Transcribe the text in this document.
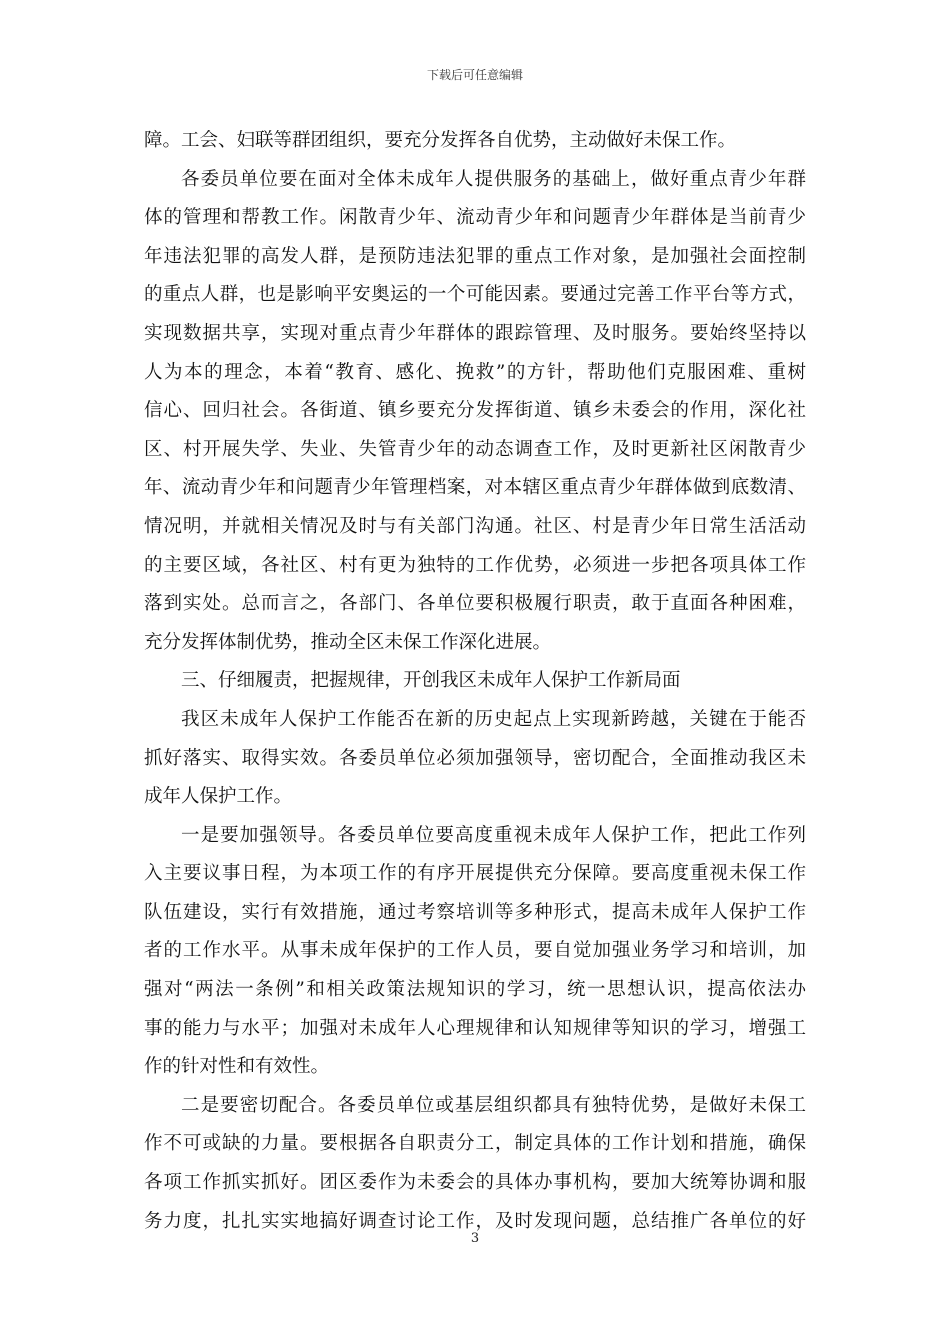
下载后可任意编辑
障。工会、妇联等群团组织，要充分发挥各自优势，主动做好未保工作。
各委员单位要在面对全体未成年人提供服务的基础上，做好重点青少年群
体的管理和帮教工作。闲散青少年、流动青少年和问题青少年群体是当前青少
年违法犯罪的高发人群，是预防违法犯罪的重点工作对象，是加强社会面控制
的重点人群，也是影响平安奥运的一个可能因素。要通过完善工作平台等方式，
实现数据共享，实现对重点青少年群体的跟踪管理、及时服务。要始终坚持以
人为本的理念，本着“教育、感化、挽救”的方针，帮助他们克服困难、重树
信心、回归社会。各街道、镇乡要充分发挥街道、镇乡未委会的作用，深化社
区、村开展失学、失业、失管青少年的动态调查工作，及时更新社区闲散青少
年、流动青少年和问题青少年管理档案，对本辖区重点青少年群体做到底数清、
情况明，并就相关情况及时与有关部门沟通。社区、村是青少年日常生活活动
的主要区域，各社区、村有更为独特的工作优势，必须进一步把各项具体工作
落到实处。总而言之，各部门、各单位要积极履行职责，敢于直面各种困难，
充分发挥体制优势，推动全区未保工作深化进展。
三、仔细履责，把握规律，开创我区未成年人保护工作新局面
我区未成年人保护工作能否在新的历史起点上实现新跨越，关键在于能否
抓好落实、取得实效。各委员单位必须加强领导，密切配合，全面推动我区未
成年人保护工作。
一是要加强领导。各委员单位要高度重视未成年人保护工作，把此工作列
入主要议事日程，为本项工作的有序开展提供充分保障。要高度重视未保工作
队伍建设，实行有效措施，通过考察培训等多种形式，提高未成年人保护工作
者的工作水平。从事未成年保护的工作人员，要自觉加强业务学习和培训，加
强对“两法一条例”和相关政策法规知识的学习，统一思想认识，提高依法办
事的能力与水平；加强对未成年人心理规律和认知规律等知识的学习，增强工
作的针对性和有效性。
二是要密切配合。各委员单位或基层组织都具有独特优势，是做好未保工
作不可或缺的力量。要根据各自职责分工，制定具体的工作计划和措施，确保
各项工作抓实抓好。团区委作为未委会的具体办事机构，要加大统筹协调和服
务力度，扎扎实实地搞好调查讨论工作，及时发现问题，总结推广各单位的好
3
